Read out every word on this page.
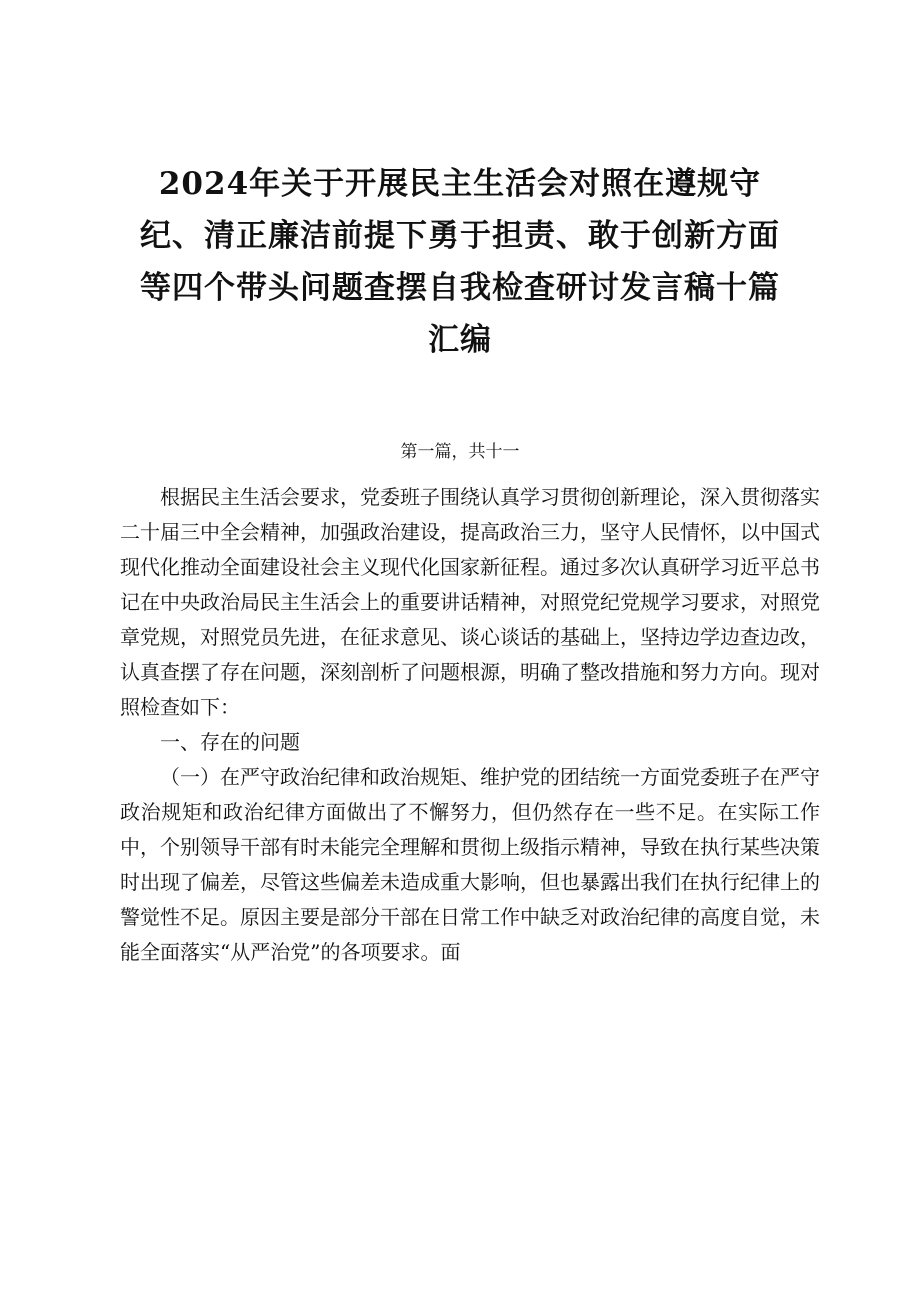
2024年关于开展民主生活会对照在遵规守
纪、清正廉洁前提下勇于担责、敢于创新方面
等四个带头问题查摆自我检查研讨发言稿十篇
汇编

第一篇，共十一

根据民主生活会要求，党委班子围绕认真学习贯彻创新理论，深入贯彻落实二十届三中全会精神，加强政治建设，提高政治三力，坚守人民情怀，以中国式现代化推动全面建设社会主义现代化国家新征程。通过多次认真研学习近平总书记在中央政治局民主生活会上的重要讲话精神，对照党纪党规学习要求，对照党章党规，对照党员先进，在征求意见、谈心谈话的基础上，坚持边学边查边改，认真查摆了存在问题，深刻剖析了问题根源，明确了整改措施和努力方向。现对照检查如下：

一、存在的问题

（一）在严守政治纪律和政治规矩、维护党的团结统一方面党委班子在严守政治规矩和政治纪律方面做出了不懈努力，但仍然存在一些不足。在实际工作中，个别领导干部有时未能完全理解和贯彻上级指示精神，导致在执行某些决策时出现了偏差，尽管这些偏差未造成重大影响，但也暴露出我们在执行纪律上的警觉性不足。原因主要是部分干部在日常工作中缺乏对政治纪律的高度自觉，未能全面落实“从严治党”的各项要求。面
